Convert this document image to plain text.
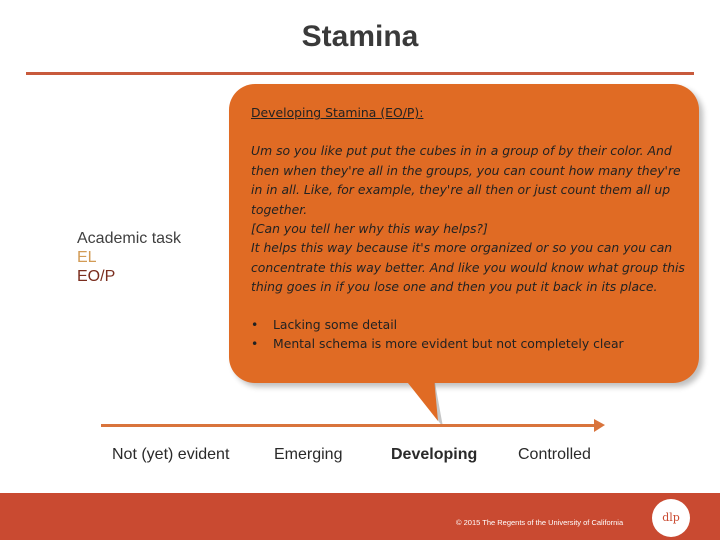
Stamina
Developing Stamina (EO/P):
Um so you like put put the cubes in in a group of by their color. And then when they're all in the groups, you can count how many they're in in all. Like, for example, they're all then or just count them all up together.
[Can you tell her why this way helps?]
It helps this way because it's more organized or so you can you can concentrate this way better. And like you would know what group this thing goes in if you lose one and then you put it back in its place.
• Lacking some detail
• Mental schema is more evident but not completely clear
Academic task
EL
EO/P
Not (yet) evident	Emerging	Developing	Controlled
© 2015 The Regents of the University of California	dlp
